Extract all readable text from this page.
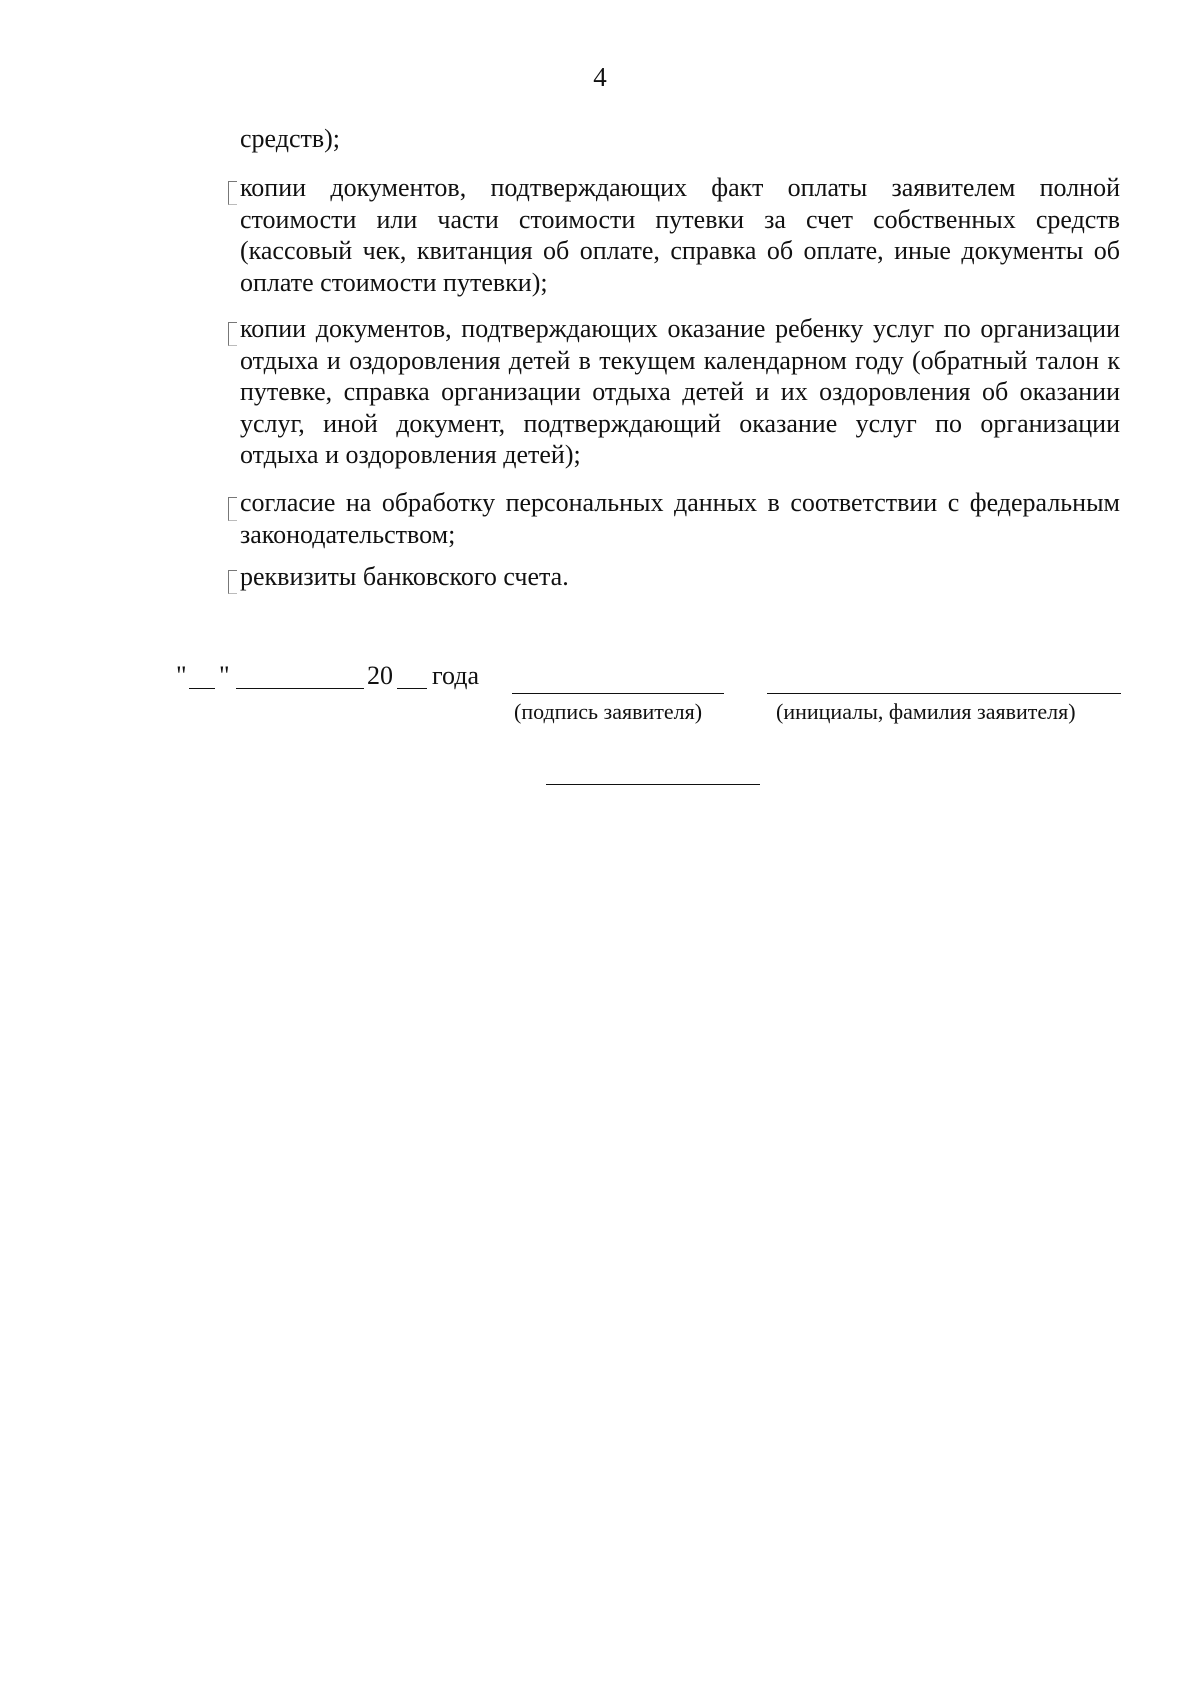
4
средств);
копии документов, подтверждающих факт оплаты заявителем полной стоимости или части стоимости путевки за счет собственных средств (кассовый чек, квитанция об оплате, справка об оплате, иные документы об оплате стоимости путевки);
копии документов, подтверждающих оказание ребенку услуг по организации отдыха и оздоровления детей в текущем календарном году (обратный талон к путевке, справка организации отдыха детей и их оздоровления об оказании услуг, иной документ, подтверждающий оказание услуг по организации отдыха и оздоровления детей);
согласие на обработку персональных данных в соответствии с федеральным законодательством;
реквизиты банковского счета.
" "	20 года
(подпись заявителя)	(инициалы, фамилия заявителя)
